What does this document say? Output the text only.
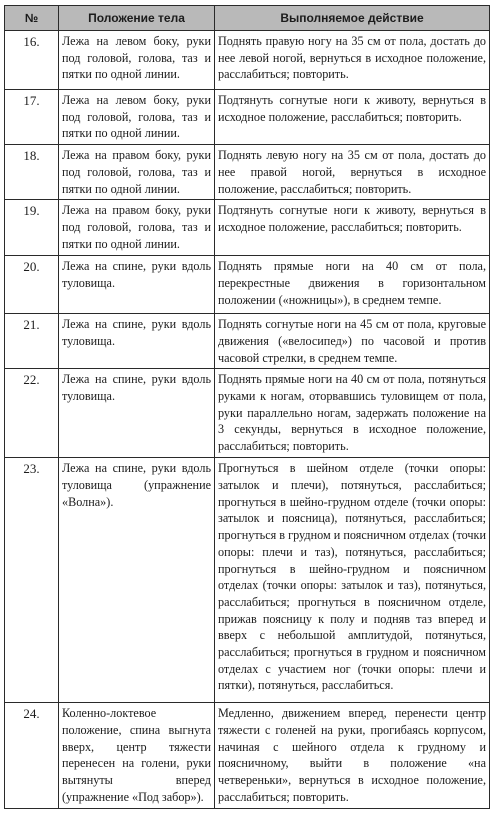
№	Положение тела	Выполняемое действие
16.	Лежа на левом боку, руки под головой, голова, таз и пятки по одной линии.	Поднять правую ногу на 35 см от пола, достать до нее левой ногой, вернуться в исходное положение, расслабиться; повторить.
17.	Лежа на левом боку, руки под головой, голова, таз и пятки по одной линии.	Подтянуть согнутые ноги к животу, вернуться в исходное положение, расслабиться; повторить.
18.	Лежа на правом боку, руки под головой, голова, таз и пятки по одной линии.	Поднять левую ногу на 35 см от пола, достать до нее правой ногой, вернуться в исходное положение, расслабиться; повторить.
19.	Лежа на правом боку, руки под головой, голова, таз и пятки по одной линии.	Подтянуть согнутые ноги к животу, вернуться в исходное положение, расслабиться; повторить.
20.	Лежа на спине, руки вдоль туловища.	Поднять прямые ноги на 40 см от пола, перекрестные движения в горизонтальном положении («ножницы»), в среднем темпе.
21.	Лежа на спине, руки вдоль туловища.	Поднять согнутые ноги на 45 см от пола, круговые движения («велосипед») по часовой и против часовой стрелки, в среднем темпе.
22.	Лежа на спине, руки вдоль туловища.	Поднять прямые ноги на 40 см от пола, потянуться руками к ногам, оторвавшись туловищем от пола, руки параллельно ногам, задержать положение на 3 секунды, вернуться в исходное положение, расслабиться; повторить.
23.	Лежа на спине, руки вдоль туловища (упражнение «Волна»).	Прогнуться в шейном отделе (точки опоры: затылок и плечи), потянуться, расслабиться; прогнуться в шейно-грудном отделе (точки опоры: затылок и поясница), потянуться, расслабиться; прогнуться в грудном и поясничном отделах (точки опоры: плечи и таз), потянуться, расслабиться; прогнуться в шейно-грудном и поясничном отделах (точки опоры: затылок и таз), потянуться, расслабиться; прогнуться в поясничном отделе, прижав поясницу к полу и подняв таз вперед и вверх с небольшой амплитудой, потянуться, расслабиться; прогнуться в грудном и поясничном отделах с участием ног (точки опоры: плечи и пятки), потянуться, расслабиться.
24.	Коленно-локтевое положение, спина выгнута вверх, центр тяжести перенесен на голени, руки вытянуты вперед (упражнение «Под забор»).	Медленно, движением вперед, перенести центр тяжести с голеней на руки, прогибаясь корпусом, начиная с шейного отдела к грудному и поясничному, выйти в положение «на четвереньки», вернуться в исходное положение, расслабиться; повторить.
